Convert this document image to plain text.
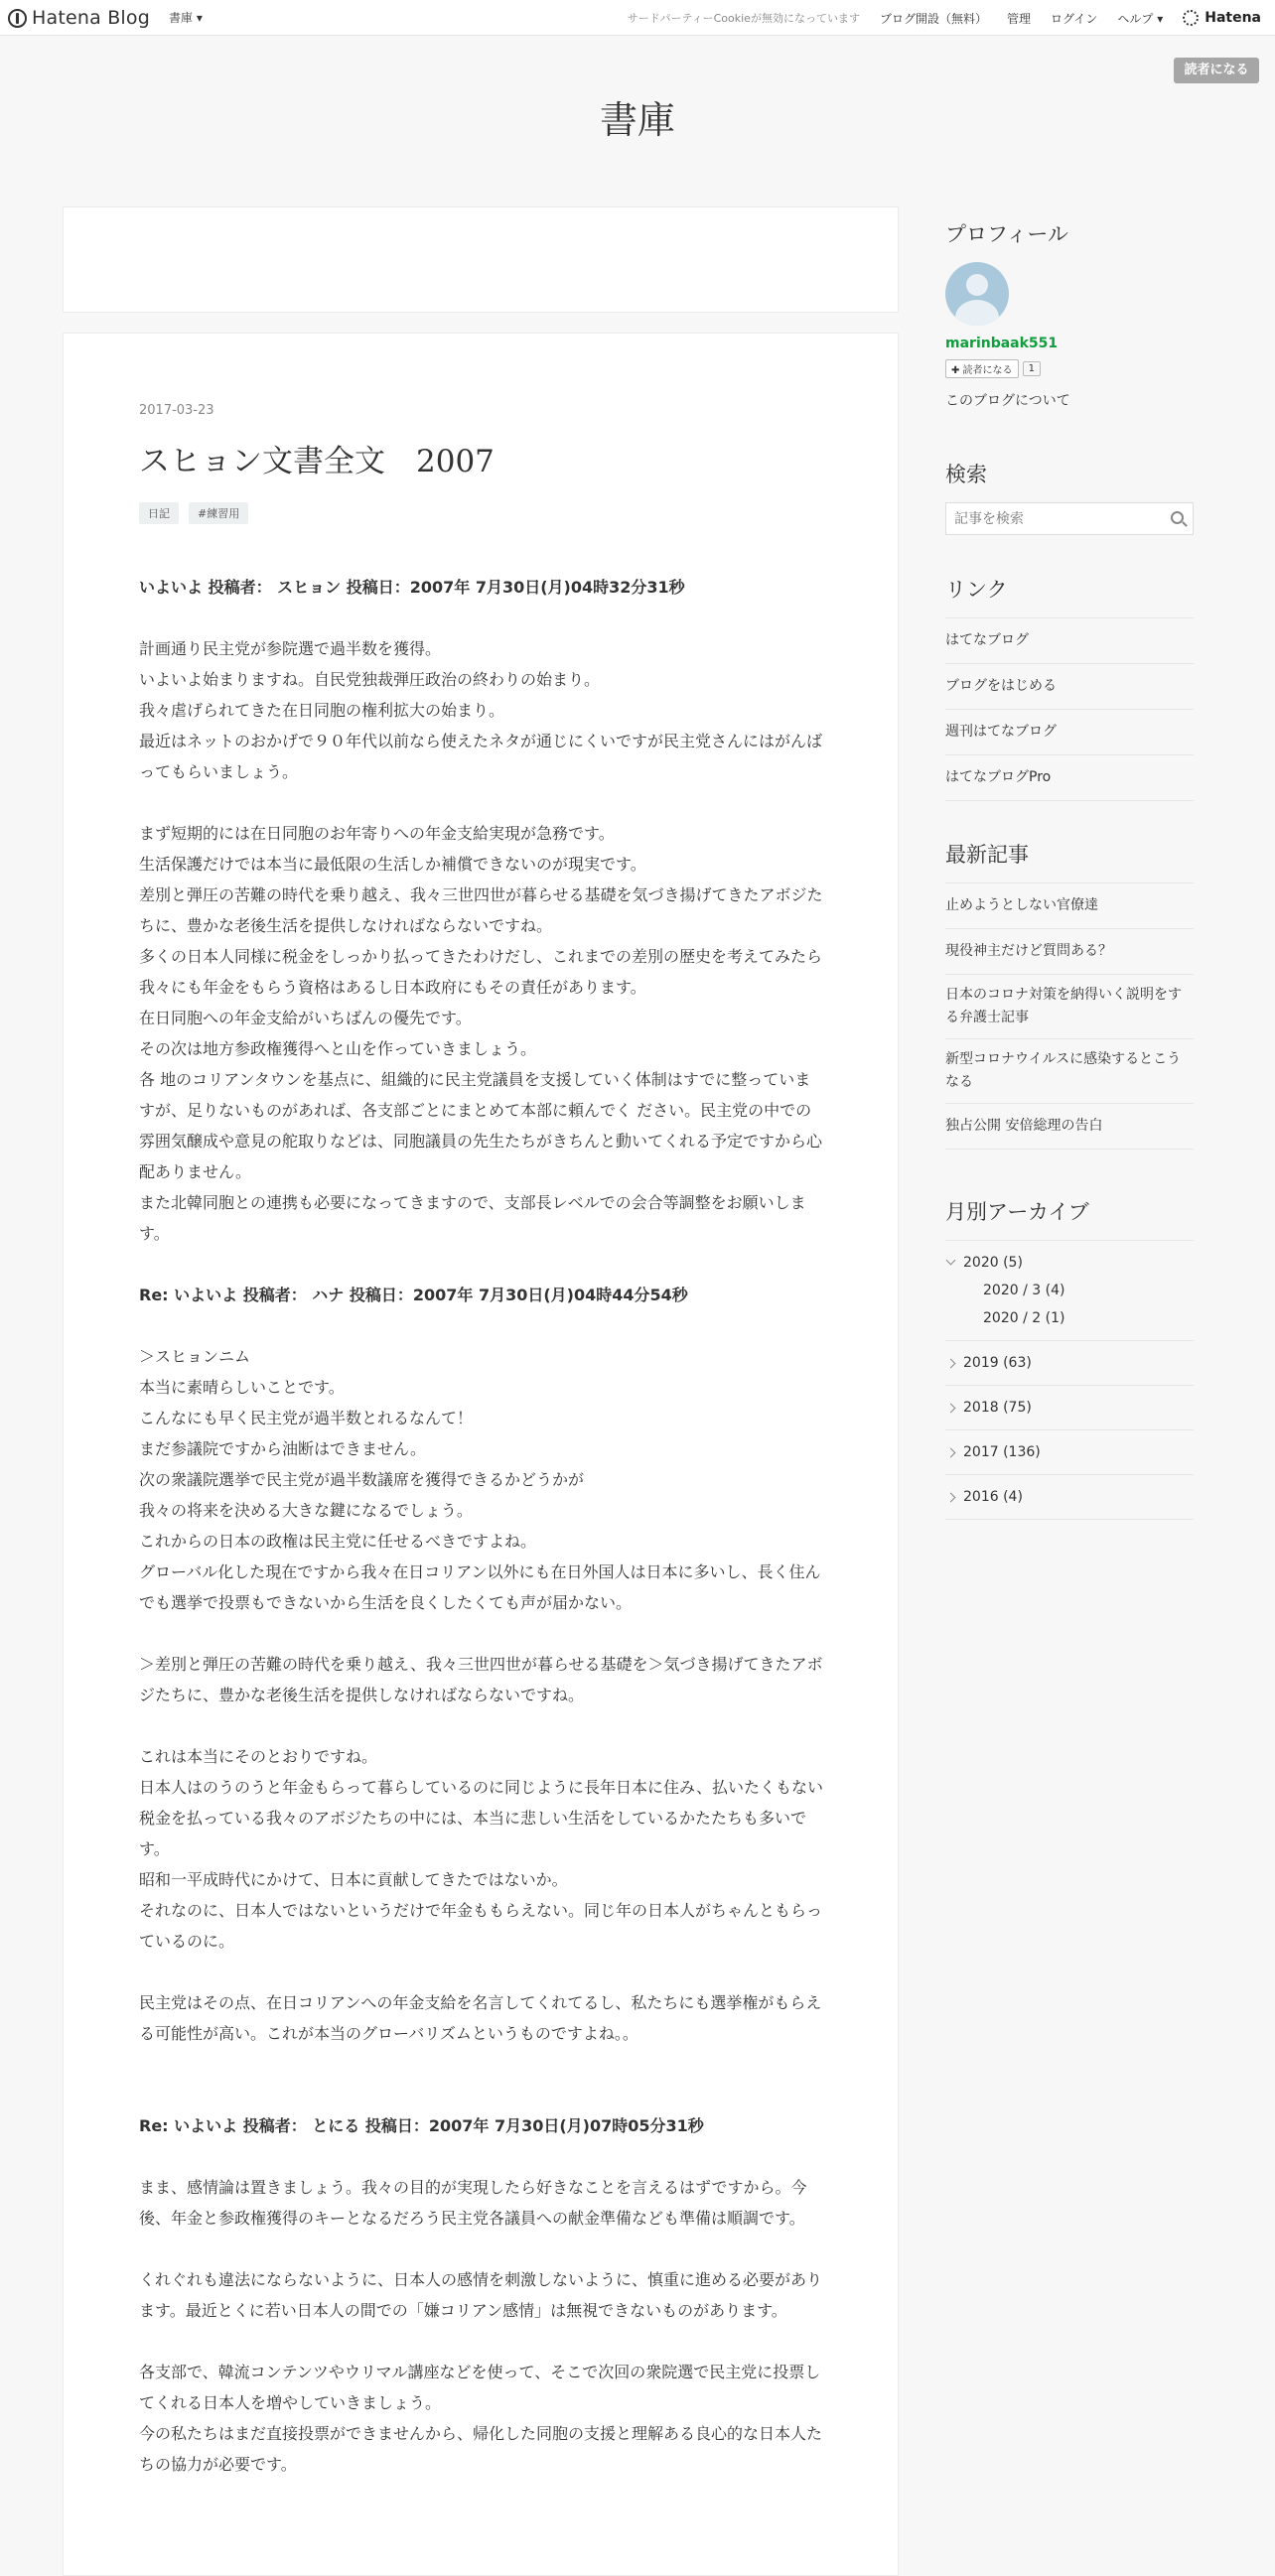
Hatena Blog 書庫 ▾	サードパーティーCookieが無効になっています ブログ開設（無料） 管理 ログイン ヘルプ ▾	Hatena
読者になる
書庫
2017-03-23
スヒョン文書全文　2007
日記	#練習用

いよいよ 投稿者： スヒョン 投稿日：2007年 7月30日(月)04時32分31秒

計画通り民主党が参院選で過半数を獲得。

いよいよ始まりますね。自民党独裁弾圧政治の終わりの始まり。

我々虐げられてきた在日同胞の権利拡大の始まり。

最近はネットのおかげで９０年代以前なら使えたネタが通じにくいですが民主党さんにはがんばってもらいましょう。

まず短期的には在日同胞のお年寄りへの年金支給実現が急務です。

生活保護だけでは本当に最低限の生活しか補償できないのが現実です。

差別と弾圧の苦難の時代を乗り越え、我々三世四世が暮らせる基礎を気づき揚げてきたアボジたちに、豊かな老後生活を提供しなければならないですね。

多くの日本人同様に税金をしっかり払ってきたわけだし、これまでの差別の歴史を考えてみたら我々にも年金をもらう資格はあるし日本政府にもその責任があります。

在日同胞への年金支給がいちばんの優先です。

その次は地方参政権獲得へと山を作っていきましょう。

各 地のコリアンタウンを基点に、組織的に民主党議員を支援していく体制はすでに整っていますが、足りないものがあれば、各支部ごとにまとめて本部に頼んでく ださい。民主党の中での雰囲気醸成や意見の舵取りなどは、同胞議員の先生たちがきちんと動いてくれる予定ですから心配ありません。

また北韓同胞との連携も必要になってきますので、支部長レベルでの会合等調整をお願いします。

Re: いよいよ 投稿者： ハナ 投稿日：2007年 7月30日(月)04時44分54秒

＞スヒョンニム

本当に素晴らしいことです。

こんなにも早く民主党が過半数とれるなんて！

まだ参議院ですから油断はできません。

次の衆議院選挙で民主党が過半数議席を獲得できるかどうかが

我々の将来を決める大きな鍵になるでしょう。

これからの日本の政権は民主党に任せるべきですよね。

グローバル化した現在ですから我々在日コリアン以外にも在日外国人は日本に多いし、長く住んでも選挙で投票もできないから生活を良くしたくても声が届かない。

＞差別と弾圧の苦難の時代を乗り越え、我々三世四世が暮らせる基礎を＞気づき揚げてきたアボジたちに、豊かな老後生活を提供しなければならないですね。

これは本当にそのとおりですね。

日本人はのうのうと年金もらって暮らしているのに同じように長年日本に住み、払いたくもない税金を払っている我々のアボジたちの中には、本当に悲しい生活をしているかたたちも多いです。

昭和一平成時代にかけて、日本に貢献してきたではないか。

それなのに、日本人ではないというだけで年金ももらえない。同じ年の日本人がちゃんともらっているのに。

民主党はその点、在日コリアンへの年金支給を名言してくれてるし、私たちにも選挙権がもらえる可能性が高い。これが本当のグローバリズムというものですよね。。

Re: いよいよ 投稿者： とにる 投稿日：2007年 7月30日(月)07時05分31秒

まま、感情論は置きましょう。我々の目的が実現したら好きなことを言えるはずですから。今後、年金と参政権獲得のキーとなるだろう民主党各議員への献金準備なども準備は順調です。

くれぐれも違法にならないように、日本人の感情を刺激しないように、慎重に進める必要があります。最近とくに若い日本人の間での「嫌コリアン感情」は無視できないものがあります。

各支部で、韓流コンテンツやウリマル講座などを使って、そこで次回の衆院選で民主党に投票してくれる日本人を増やしていきましょう。

今の私たちはまだ直接投票ができませんから、帰化した同胞の支援と理解ある良心的な日本人たちの協力が必要です。

プロフィール
marinbaak551
✚ 読者になる	1
このブログについて
検索
記事を検索
リンク
はてなブログ
ブログをはじめる
週刊はてなブログ
はてなブログPro
最新記事
止めようとしない官僚達
現役神主だけど質問ある？
日本のコロナ対策を納得いく説明をする弁護士記事
新型コロナウイルスに感染するとこうなる
独占公開 安倍総理の告白
月別アーカイブ
2020 (5)
2020 / 3 (4)
2020 / 2 (1)
2019 (63)
2018 (75)
2017 (136)
2016 (4)
